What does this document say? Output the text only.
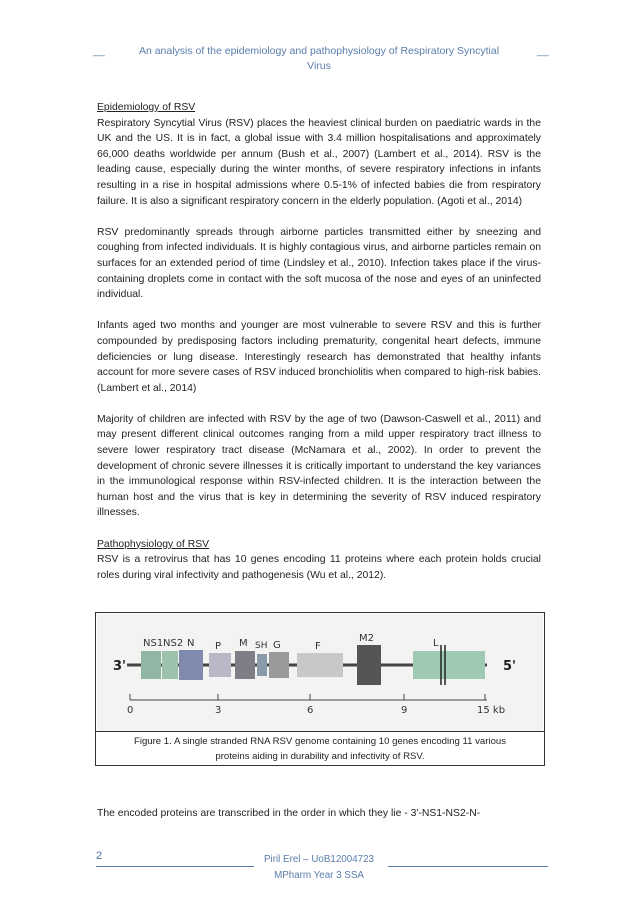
__	An analysis of the epidemiology and pathophysiology of Respiratory Syncytial
Virus
__
Epidemiology of RSV

Respiratory Syncytial Virus (RSV) places the heaviest clinical burden on paediatric wards in the UK and the US. It is in fact, a global issue with 3.4 million hospitalisations and approximately 66,000 deaths worldwide per annum (Bush et al., 2007) (Lambert et al., 2014). RSV is the leading cause, especially during the winter months, of severe respiratory infections in infants resulting in a rise in hospital admissions where 0.5-1% of infected babies die from respiratory failure. It is also a significant respiratory concern in the elderly population. (Agoti et al., 2014)

RSV predominantly spreads through airborne particles transmitted either by sneezing and coughing from infected individuals. It is highly contagious virus, and airborne particles remain on surfaces for an extended period of time (Lindsley et al., 2010). Infection takes place if the virus-containing droplets come in contact with the soft mucosa of the nose and eyes of an uninfected individual.

Infants aged two months and younger are most vulnerable to severe RSV and this is further compounded by predisposing factors including prematurity, congenital heart defects, immune deficiencies or lung disease. Interestingly research has demonstrated that healthy infants account for more severe cases of RSV induced bronchiolitis when compared to high-risk babies. (Lambert et al., 2014)

Majority of children are infected with RSV by the age of two (Dawson-Caswell et al., 2011) and may present different clinical outcomes ranging from a mild upper respiratory tract illness to severe lower respiratory tract disease (McNamara et al., 2002). In order to prevent the development of chronic severe illnesses it is critically important to understand the key variances in the immunological response within RSV-infected children. It is the interaction between the human host and the virus that is key in determining the severity of RSV induced respiratory illnesses.

Pathophysiology of RSV

RSV is a retrovirus that has 10 genes encoding 11 proteins where each protein holds crucial roles during viral infectivity and pathogenesis (Wu et al., 2012).

NS1 NS2 N P M SH G	F
M2	L
3'	5'
0	3	6	9	15 kb
Figure 1. A single stranded RNA RSV genome containing 10 genes encoding 11 various
proteins aiding in durability and infectivity of RSV.
The encoded proteins are transcribed in the order in which they lie - 3'-NS1-NS2-N-
2	Piril Erel – UoB12004723
MPharm Year 3 SSA
